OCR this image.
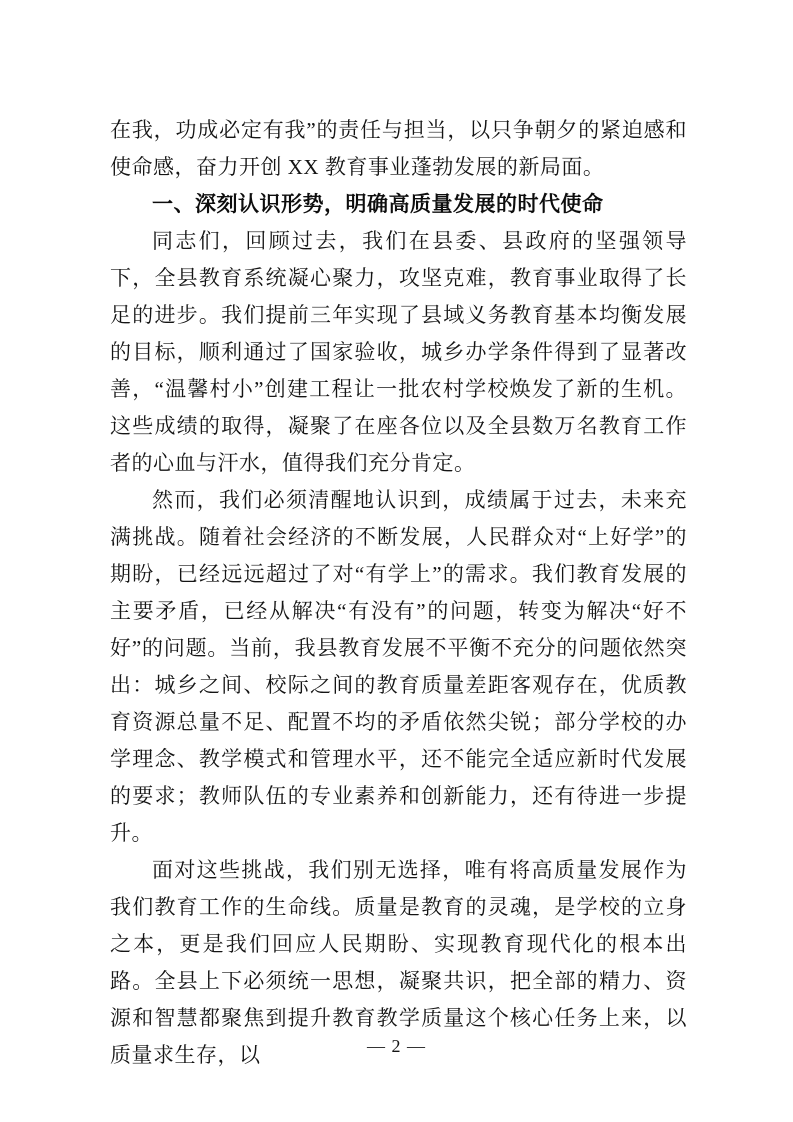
在我，功成必定有我”的责任与担当，以只争朝夕的紧迫感和使命感，奋力开创 XX 教育事业蓬勃发展的新局面。

一、深刻认识形势，明确高质量发展的时代使命

同志们，回顾过去，我们在县委、县政府的坚强领导下，全县教育系统凝心聚力，攻坚克难，教育事业取得了长足的进步。我们提前三年实现了县域义务教育基本均衡发展的目标，顺利通过了国家验收，城乡办学条件得到了显著改善，“温馨村小”创建工程让一批农村学校焕发了新的生机。这些成绩的取得，凝聚了在座各位以及全县数万名教育工作者的心血与汗水，值得我们充分肯定。

然而，我们必须清醒地认识到，成绩属于过去，未来充满挑战。随着社会经济的不断发展，人民群众对“上好学”的期盼，已经远远超过了对“有学上”的需求。我们教育发展的主要矛盾，已经从解决“有没有”的问题，转变为解决“好不好”的问题。当前，我县教育发展不平衡不充分的问题依然突出：城乡之间、校际之间的教育质量差距客观存在，优质教育资源总量不足、配置不均的矛盾依然尖锐；部分学校的办学理念、教学模式和管理水平，还不能完全适应新时代发展的要求；教师队伍的专业素养和创新能力，还有待进一步提升。

面对这些挑战，我们别无选择，唯有将高质量发展作为我们教育工作的生命线。质量是教育的灵魂，是学校的立身之本，更是我们回应人民期盼、实现教育现代化的根本出路。全县上下必须统一思想，凝聚共识，把全部的精力、资源和智慧都聚焦到提升教育教学质量这个核心任务上来，以质量求生存，以	— 2 —
